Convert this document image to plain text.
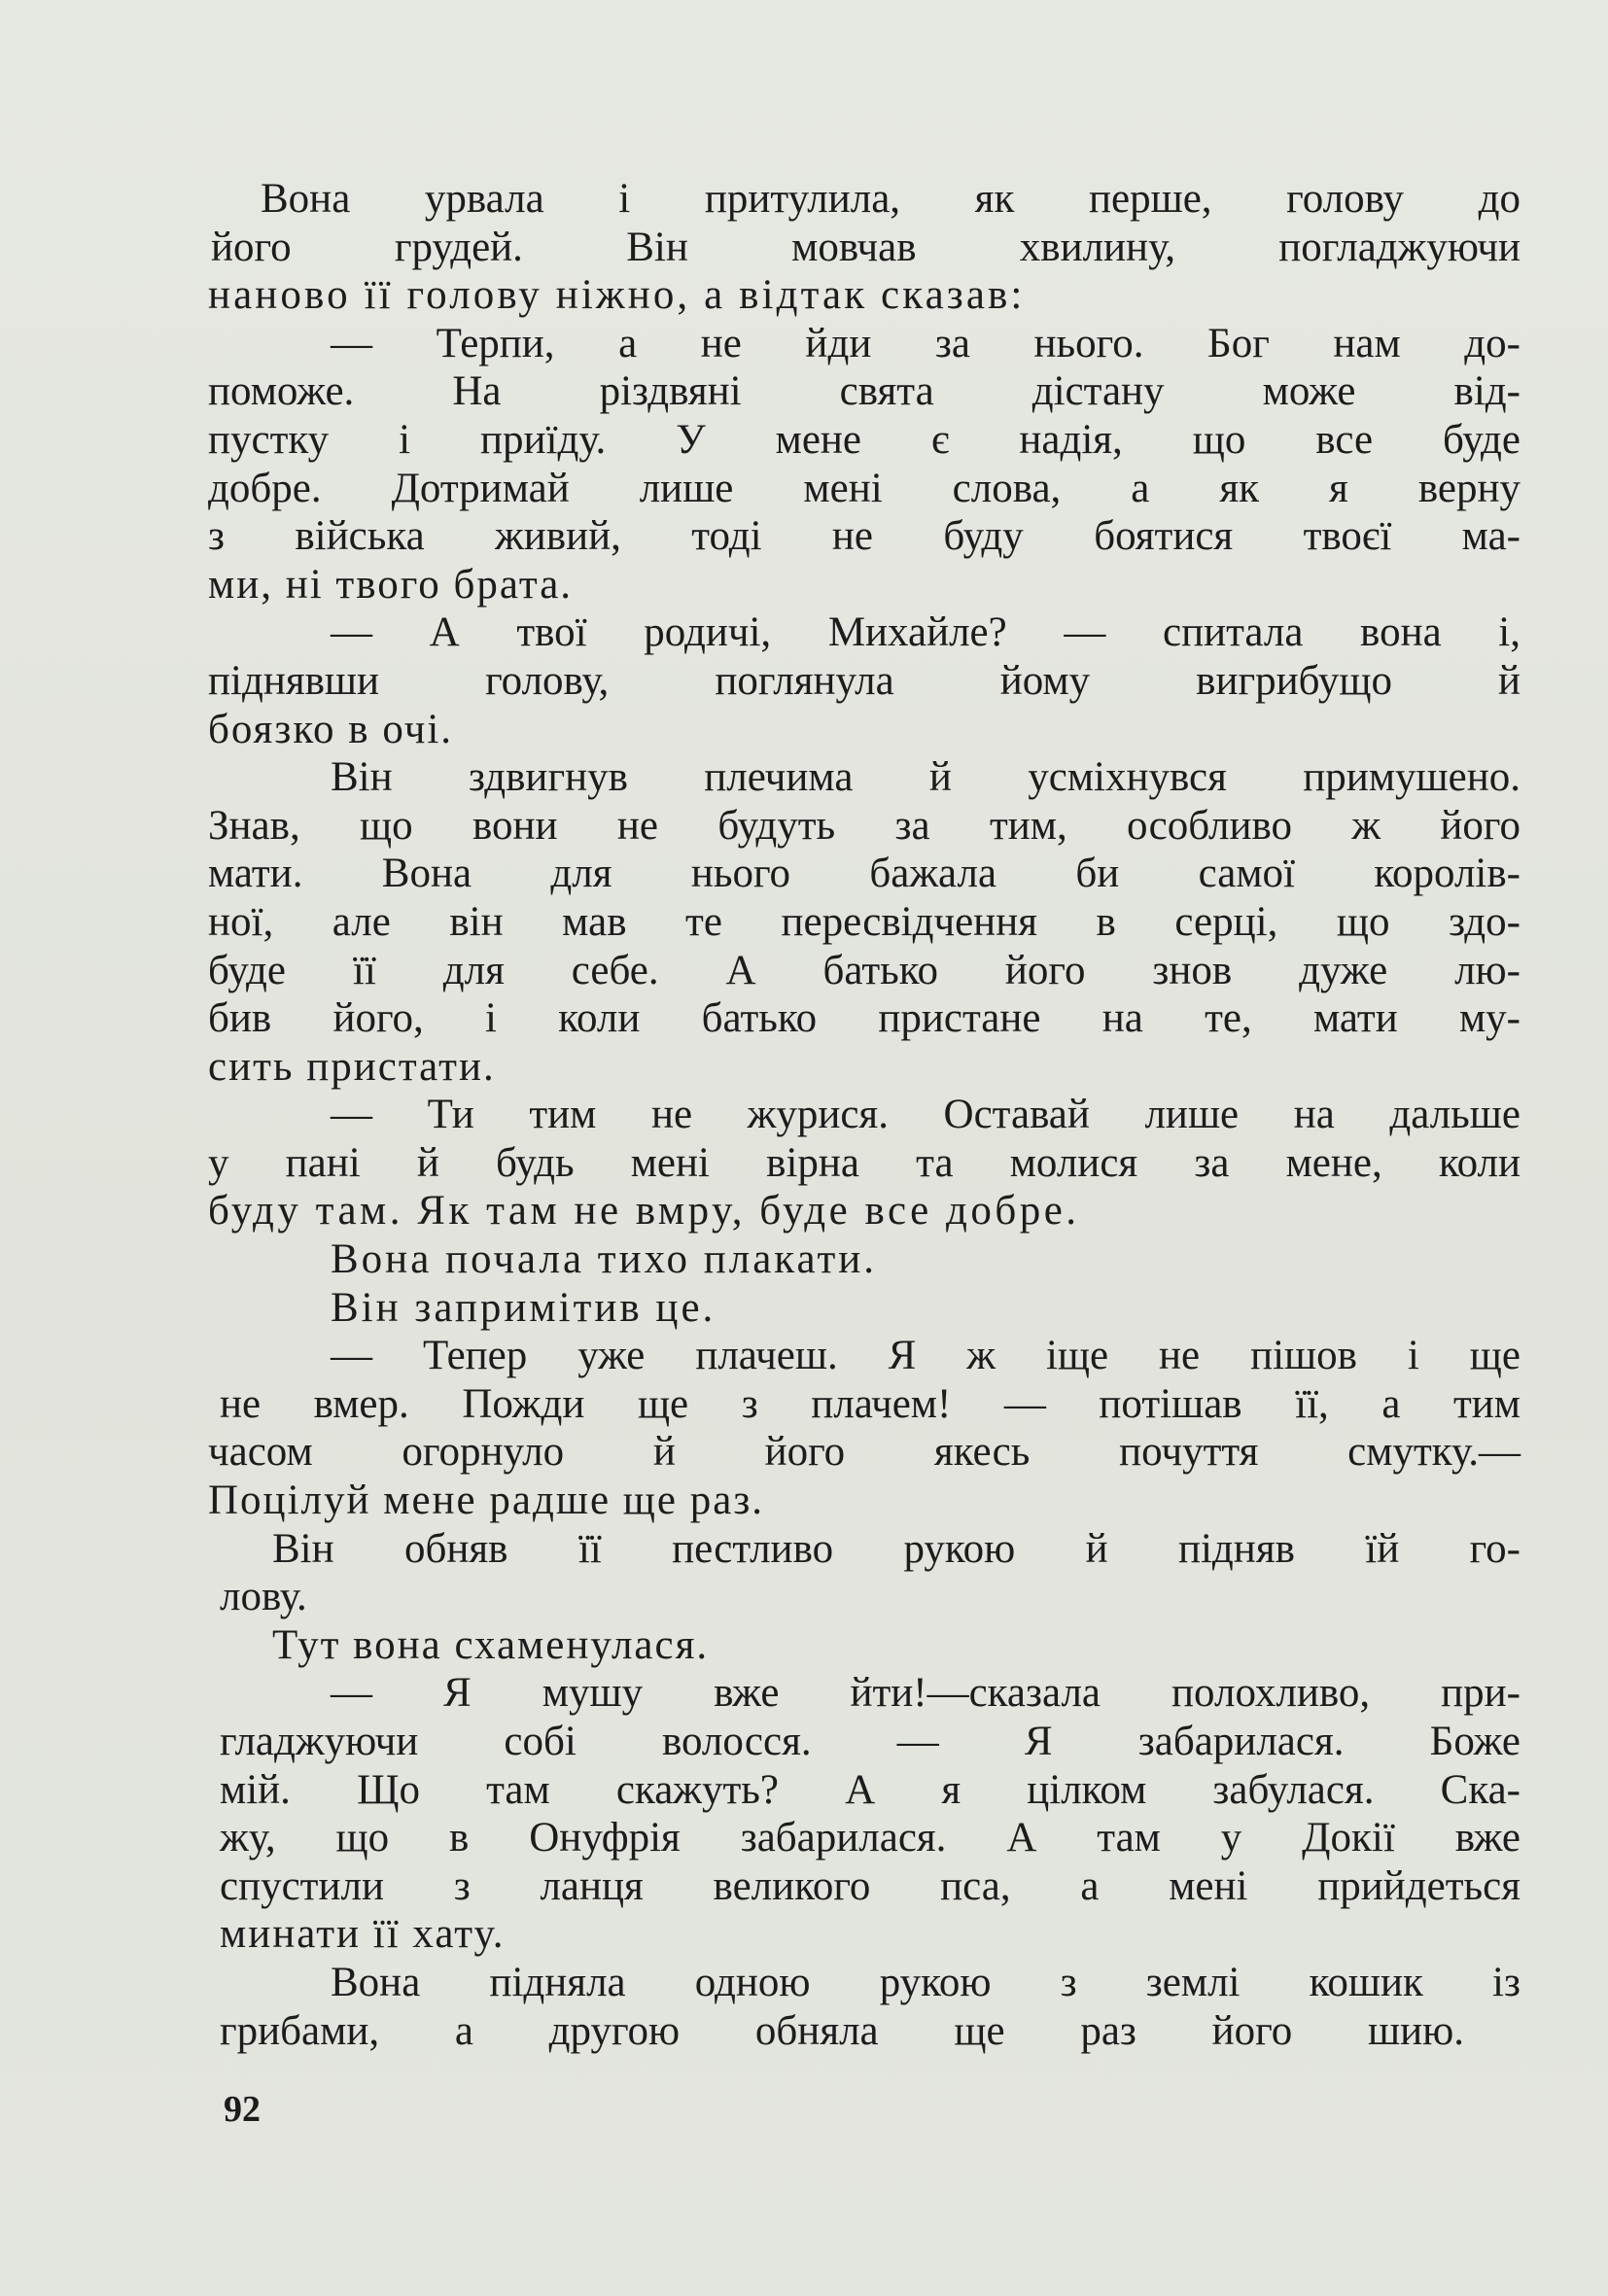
Вона урвала і притулила, як перше, голову до
його грудей. Він мовчав хвилину, погладжуючи
наново її голову ніжно, а відтак сказав:
— Терпи, а не йди за нього. Бог нам до-
поможе. На різдвяні свята дістану може від-
пустку і приїду. У мене є надія, що все буде
добре. Дотримай лише мені слова, а як я верну
з війська живий, тоді не буду боятися твоєї ма-
ми, ні твого брата.
— А твої родичі, Михайле? — спитала вона і,
піднявши голову, поглянула йому вигрибущо й
боязко в очі.
Він здвигнув плечима й усміхнувся примушено.
Знав, що вони не будуть за тим, особливо ж його
мати. Вона для нього бажала би самої королів-
ної, але він мав те пересвідчення в серці, що здо-
буде її для себе. А батько його знов дуже лю-
бив його, і коли батько пристане на те, мати му-
сить пристати.
— Ти тим не журися. Оставай лише на дальше
у пані й будь мені вірна та молися за мене, коли
буду там. Як там не вмру, буде все добре.
Вона почала тихо плакати.
Він запримітив це.
— Тепер уже плачеш. Я ж іще не пішов і ще
не вмер. Пожди ще з плачем! — потішав її, а тим
часом огорнуло й його якесь почуття смутку.—
Поцілуй мене радше ще раз.
Він обняв її пестливо рукою й підняв їй го-
лову.
Тут вона схаменулася.
— Я мушу вже йти!—сказала полохливо, при-
гладжуючи собі волосся. — Я забарилася. Боже
мій. Що там скажуть? А я цілком забулася. Ска-
жу, що в Онуфрія забарилася. А там у Докії вже
спустили з ланця великого пса, а мені прийдеться
минати її хату.
Вона підняла одною рукою з землі кошик із
грибами, а другою обняла ще раз його шию.
92
